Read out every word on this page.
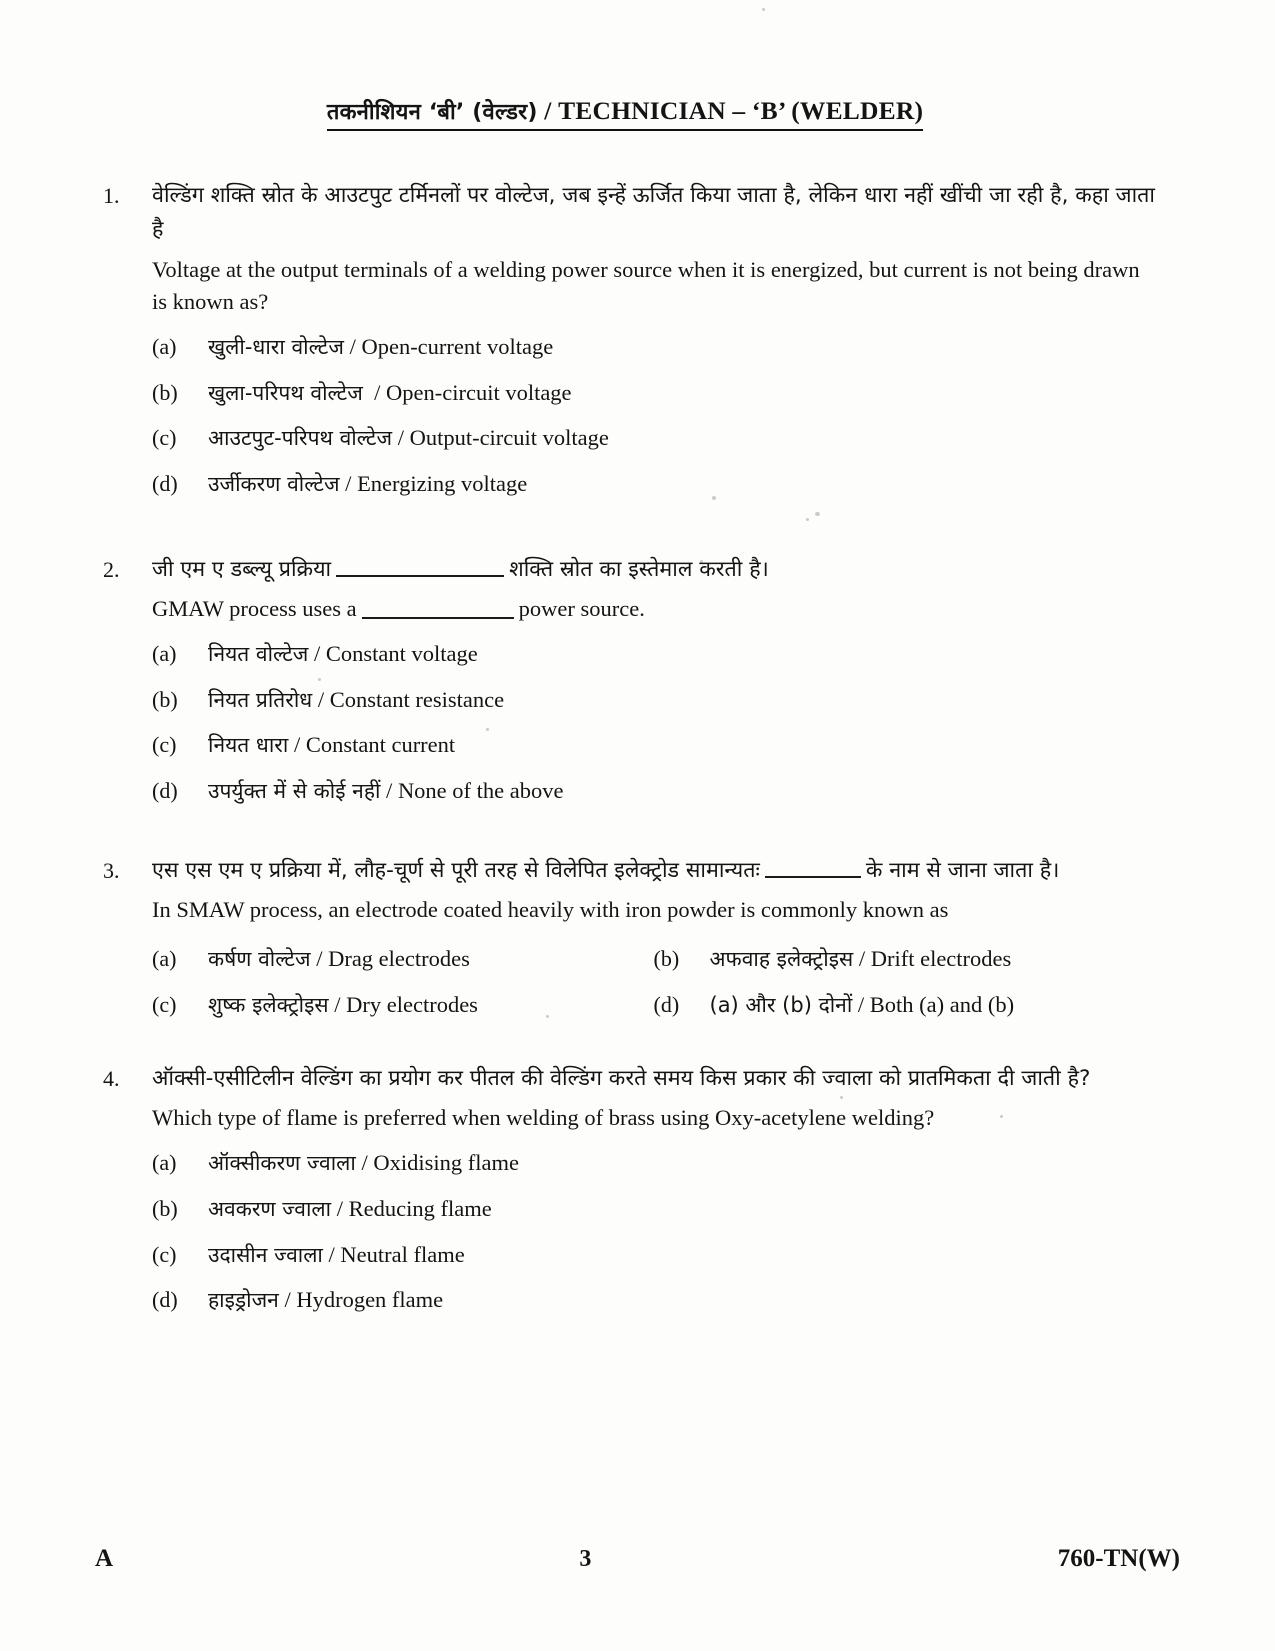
तकनीशियन ‘बी’ (वेल्डर) / TECHNICIAN – ‘B’ (WELDER)
1. वेल्डिंग शक्ति स्रोत के आउटपुट टर्मिनलों पर वोल्टेज, जब इन्हें ऊर्जित किया जाता है, लेकिन धारा नहीं खींची जा रही है, कहा जाता है

Voltage at the output terminals of a welding power source when it is energized, but current is not being drawn is known as?

(a)	खुली-धारा वोल्टेज / Open-current voltage
(b)	खुला-परिपथ वोल्टेज  / Open-circuit voltage
(c)	आउटपुट-परिपथ वोल्टेज / Output-circuit voltage
(d)	उर्जीकरण वोल्टेज / Energizing voltage
2. जी एम ए डब्ल्यू प्रक्रिया	शक्ति स्रोत का इस्तेमाल करती है।

GMAW process uses a	power source.

(a)	नियत वोल्टेज / Constant voltage
(b)	नियत प्रतिरोध / Constant resistance
(c)	नियत धारा / Constant current
(d)	उपर्युक्त में से कोई नहीं / None of the above
3. एस एस एम ए प्रक्रिया में, लौह-चूर्ण से पूरी तरह से विलेपित इलेक्ट्रोड सामान्यतः	के नाम से जाना जाता है।

In SMAW process, an electrode coated heavily with iron powder is commonly known as

(a)	कर्षण वोल्टेज / Drag electrodes	(b)	अफवाह इलेक्ट्रोइस / Drift electrodes
(c)	शुष्क इलेक्ट्रोइस / Dry electrodes	(d)	(a) और (b) दोनों / Both (a) and (b)
4. ऑक्सी-एसीटिलीन वेल्डिंग का प्रयोग कर पीतल की वेल्डिंग करते समय किस प्रकार की ज्वाला को प्रातमिकता दी जाती है?

Which type of flame is preferred when welding of brass using Oxy-acetylene welding?

(a)	ऑक्सीकरण ज्वाला / Oxidising flame
(b)	अवकरण ज्वाला / Reducing flame
(c)	उदासीन ज्वाला / Neutral flame
(d)	हाइड्रोजन / Hydrogen flame
A	3	760-TN(W)
